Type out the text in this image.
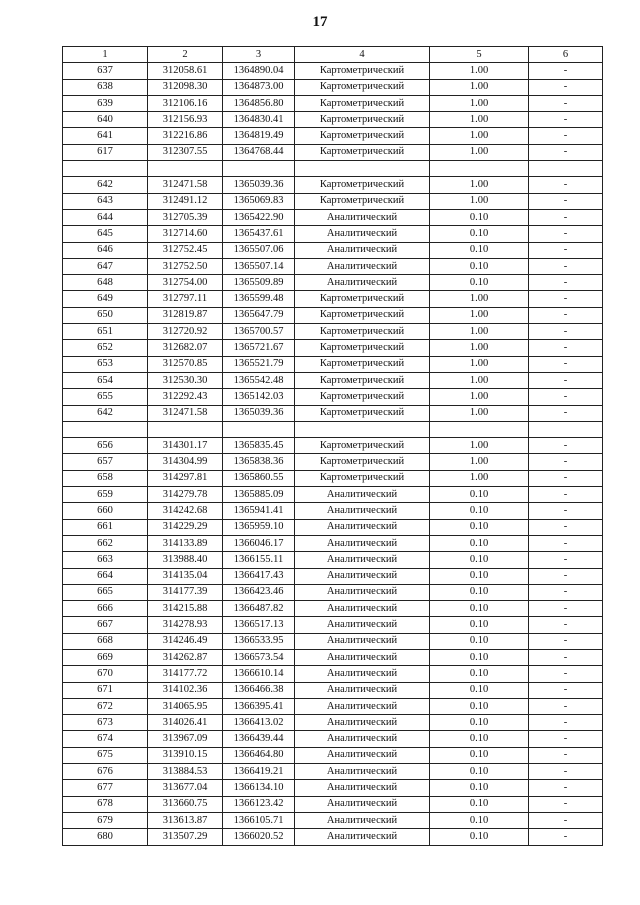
17
1	2	3	4	5	6
637	312058.61	1364890.04	Картометрический	1.00	-
638	312098.30	1364873.00	Картометрический	1.00	-
639	312106.16	1364856.80	Картометрический	1.00	-
640	312156.93	1364830.41	Картометрический	1.00	-
641	312216.86	1364819.49	Картометрический	1.00	-
617	312307.55	1364768.44	Картометрический	1.00	-

642	312471.58	1365039.36	Картометрический	1.00	-
643	312491.12	1365069.83	Картометрический	1.00	-
644	312705.39	1365422.90	Аналитический	0.10	-
645	312714.60	1365437.61	Аналитический	0.10	-
646	312752.45	1365507.06	Аналитический	0.10	-
647	312752.50	1365507.14	Аналитический	0.10	-
648	312754.00	1365509.89	Аналитический	0.10	-
649	312797.11	1365599.48	Картометрический	1.00	-
650	312819.87	1365647.79	Картометрический	1.00	-
651	312720.92	1365700.57	Картометрический	1.00	-
652	312682.07	1365721.67	Картометрический	1.00	-
653	312570.85	1365521.79	Картометрический	1.00	-
654	312530.30	1365542.48	Картометрический	1.00	-
655	312292.43	1365142.03	Картометрический	1.00	-
642	312471.58	1365039.36	Картометрический	1.00	-

656	314301.17	1365835.45	Картометрический	1.00	-
657	314304.99	1365838.36	Картометрический	1.00	-
658	314297.81	1365860.55	Картометрический	1.00	-
659	314279.78	1365885.09	Аналитический	0.10	-
660	314242.68	1365941.41	Аналитический	0.10	-
661	314229.29	1365959.10	Аналитический	0.10	-
662	314133.89	1366046.17	Аналитический	0.10	-
663	313988.40	1366155.11	Аналитический	0.10	-
664	314135.04	1366417.43	Аналитический	0.10	-
665	314177.39	1366423.46	Аналитический	0.10	-
666	314215.88	1366487.82	Аналитический	0.10	-
667	314278.93	1366517.13	Аналитический	0.10	-
668	314246.49	1366533.95	Аналитический	0.10	-
669	314262.87	1366573.54	Аналитический	0.10	-
670	314177.72	1366610.14	Аналитический	0.10	-
671	314102.36	1366466.38	Аналитический	0.10	-
672	314065.95	1366395.41	Аналитический	0.10	-
673	314026.41	1366413.02	Аналитический	0.10	-
674	313967.09	1366439.44	Аналитический	0.10	-
675	313910.15	1366464.80	Аналитический	0.10	-
676	313884.53	1366419.21	Аналитический	0.10	-
677	313677.04	1366134.10	Аналитический	0.10	-
678	313660.75	1366123.42	Аналитический	0.10	-
679	313613.87	1366105.71	Аналитический	0.10	-
680	313507.29	1366020.52	Аналитический	0.10	-
